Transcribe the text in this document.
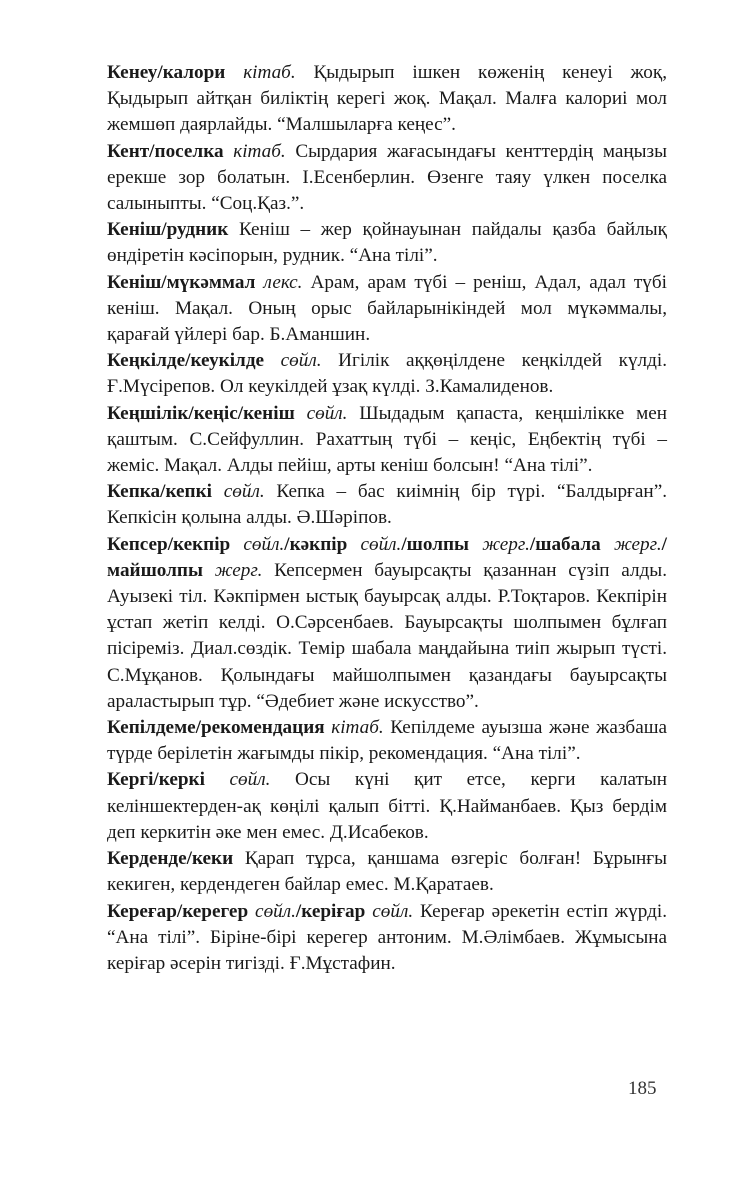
Кенеу/калори кітаб. Қыдырып ішкен көженің кенеуі жоқ, Қыдырып айтқан биліктің керегі жоқ. Мақал. Малға калориі мол жемшөп даярлайды. “Малшыларға кеңес”.

Кент/поселка кітаб. Сырдария жағасындағы кенттердің маңызы ерекше зор болатын. І.Есенберлин. Өзенге таяу үлкен поселка салыныпты. “Соц.Қаз.”.

Кеніш/рудник Кеніш – жер қойнауынан пайдалы қазба байлық өндіретін кәсіпорын, рудник. “Ана тілі”.

Кеніш/мүкәммал лекс. Арам, арам түбі – реніш, Адал, адал түбі кеніш. Мақал. Оның орыс байларынікіндей мол мүкәммалы, қарағай үйлері бар. Б.Аманшин.

Кеңкілде/кеукілде сөйл. Игілік аққөңілдене кеңкілдей күлді. Ғ.Мүсірепов. Ол кеукілдей ұзақ күлді. З.Камалиденов.

Кеңшілік/кеңіс/кеніш сөйл. Шыдадым қапаста, кеңшілікке мен қаштым. С.Сейфуллин. Рахаттың түбі – кеңіс, Еңбектің түбі – жеміс. Мақал. Алды пейіш, арты кеніш болсын! “Ана тілі”.

Кепка/кепкі сөйл. Кепка – бас киімнің бір түрі. “Балдырған”. Кепкісін қолына алды. Ә.Шәріпов.

Кепсер/кекпір сөйл./кәкпір сөйл./шолпы жерг./шабала жерг./майшолпы жерг. Кепсермен бауырсақты қазаннан сүзіп алды. Ауызекі тіл. Кәкпірмен ыстық бауырсақ алды. Р.Тоқтаров. Кекпірін ұстап жетіп келді. О.Сәрсенбаев. Бауырсақты шолпымен бұлғап пісіреміз. Диал.сөздік. Темір шабала маңдайына тиіп жырып түсті. С.Мұқанов. Қолындағы майшолпымен қазандағы бауырсақты араластырып тұр. “Әдебиет және искусство”.

Кепілдеме/рекомендация кітаб. Кепілдеме ауызша және жазбаша түрде берілетін жағымды пікір, рекомендация. “Ана тілі”.

Кергі/керкі сөйл. Осы күні қит етсе, керги калатын келіншектерден-ақ көңілі қалып бітті. Қ.Найманбаев. Қыз бердім деп керкитін әке мен емес. Д.Исабеков.

Керденде/кеки Қарап тұрса, қаншама өзгеріс болған! Бұрынғы кекиген, кердендеген байлар емес. М.Қаратаев.

Кереғар/керегер сөйл./керіғар сөйл. Кереғар әрекетін естіп жүрді. “Ана тілі”. Біріне-бірі керегер антоним. М.Әлімбаев. Жұмысына керіғар әсерін тигізді. Ғ.Мұстафин.

185
